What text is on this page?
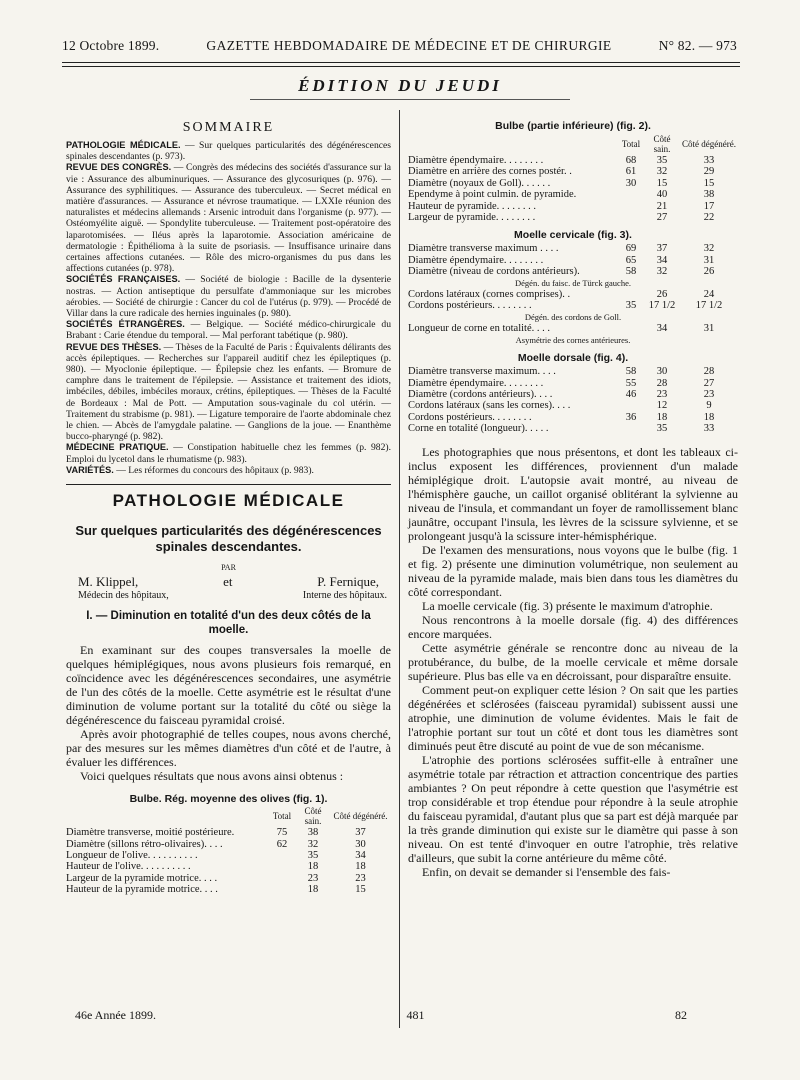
12 Octobre 1899.	GAZETTE HEBDOMADAIRE DE MÉDECINE ET DE CHIRURGIE	N° 82. — 973
ÉDITION DU JEUDI
SOMMAIRE

PATHOLOGIE MÉDICALE. — Sur quelques particularités des dégénérescences spinales descendantes (p. 973).

REVUE DES CONGRÈS. — Congrès des médecins des sociétés d'assurance sur la vie : Assurance des albuminuriques. — Assurance des glycosuriques (p. 976). — Assurance des syphilitiques. — Assurance des tuberculeux. — Secret médical en matière d'assurances. — Assurance et névrose traumatique. — LXXIe réunion des naturalistes et médecins allemands : Arsenic introduit dans l'organisme (p. 977). — Ostéomyélite aiguë. — Spondylite tuberculeuse. — Traitement post-opératoire des laparotomisées. — Iléus après la laparotomie. Association américaine de dermatologie : Épithélioma à la suite de psoriasis. — Insuffisance urinaire dans certaines affections cutanées. — Rôle des micro-organismes du pus dans les affections cutanées (p. 978).

SOCIÉTÉS FRANÇAISES. — Société de biologie : Bacille de la dysenterie nostras. — Action antiseptique du persulfate d'ammoniaque sur les microbes aérobies. — Société de chirurgie : Cancer du col de l'utérus (p. 979). — Procédé de Villar dans la cure radicale des hernies inguinales (p. 980).

SOCIÉTÉS ÉTRANGÈRES. — Belgique. — Société médico-chirurgicale du Brabant : Carie étendue du temporal. — Mal perforant tabétique (p. 980).

REVUE DES THÈSES. — Thèses de la Faculté de Paris : Équivalents délirants des accès épileptiques. — Recherches sur l'appareil auditif chez les épileptiques (p. 980). — Myoclonie épileptique. — Épilepsie chez les enfants. — Bromure de camphre dans le traitement de l'épilepsie. — Assistance et traitement des idiots, imbéciles, débiles, imbéciles moraux, crétins, épileptiques. — Thèses de la Faculté de Bordeaux : Mal de Pott. — Amputation sous-vaginale du col utérin. — Traitement du strabisme (p. 981). — Ligature temporaire de l'aorte abdominale chez le chien. — Abcès de l'amygdale palatine. — Ganglions de la joue. — Enanthème bucco-pharyngé (p. 982).

MÉDECINE PRATIQUE. — Constipation habituelle chez les femmes (p. 982). Emploi du lycetol dans le rhumatisme (p. 983).

VARIÉTÉS. — Les réformes du concours des hôpitaux (p. 983).

PATHOLOGIE MÉDICALE
Sur quelques particularités des dégénérescences spinales descendantes.
PAR
M. Klippel,	et	P. Fernique,
Médecin des hôpitaux,	Interne des hôpitaux.
I. — Diminution en totalité d'un des deux côtés de la moelle.

En examinant sur des coupes transversales la moelle de quelques hémiplégiques, nous avons plusieurs fois remarqué, en coïncidence avec les dégénérescences secondaires, une asymétrie de l'un des côtés de la moelle. Cette asymétrie est le résultat d'une diminution de volume portant sur la totalité du côté ou siège la dégénérescence du faisceau pyramidal croisé.

Après avoir photographié de telles coupes, nous avons cherché, par des mesures sur les mêmes diamètres d'un côté et de l'autre, à évaluer les différences.

Voici quelques résultats que nous avons ainsi obtenus :

Bulbe. Rég. moyenne des olives (fig. 1).
	Total	Côté sain.	Côté dégénéré.
Diamètre transverse, moitié postérieure.	75	38	37
Diamètre (sillons rétro-olivaires). . . .	62	32	30
Longueur de l'olive. . . . . . . . . .		35	34
Hauteur de l'olive. . . . . . . . . .		18	18
Largeur de la pyramide motrice. . . .		23	23
Hauteur de la pyramide motrice. . . .		18	15
Bulbe (partie inférieure) (fig. 2).
	Total	Côté sain.	Côté dégénéré.
Diamètre épendymaire. . . . . . . .	68	35	33
Diamètre en arrière des cornes postér. .	61	32	29
Diamètre (noyaux de Goll). . . . . .	30	15	15
Épendyme à point culmin. de pyramide.		40	38
Hauteur de pyramide. . . . . . . .		21	17
Largeur de pyramide. . . . . . . .		27	22
Moelle cervicale (fig. 3).
Diamètre transverse maximum . . . .	69	37	32
Diamètre épendymaire. . . . . . . .	65	34	31
Diamètre (niveau de cordons antérieurs).	58	32	26
Dégén. du faisc. de Türck gauche.			
Cordons latéraux (cornes comprises). .		26	24
Cordons postérieurs. . . . . . . .	35	17 1/2	17 1/2
Dégén. des cordons de Goll.			
Longueur de corne en totalité. . . .		34	31
Asymétrie des cornes antérieures.			
Moelle dorsale (fig. 4).
Diamètre transverse maximum. . . .	58	30	28
Diamètre épendymaire. . . . . . . .	55	28	27
Diamètre (cordons antérieurs). . . .	46	23	23
Cordons latéraux (sans les cornes). . . .		12	9
Cordons postérieurs. . . . . . . .	36	18	18
Corne en totalité (longueur). . . . .		35	33

Les photographies que nous présentons, et dont les tableaux ci-inclus exposent les différences, proviennent d'un malade hémiplégique droit. L'autopsie avait montré, au niveau de l'hémisphère gauche, un caillot organisé oblitérant la sylvienne au niveau de l'insula, et commandant un foyer de ramollissement blanc jaunâtre, occupant l'insula, les lèvres de la scissure sylvienne, et se prolongeant jusqu'à la scissure inter-hémisphérique.

De l'examen des mensurations, nous voyons que le bulbe (fig. 1 et fig. 2) présente une diminution volumétrique, non seulement au niveau de la pyramide malade, mais bien dans tous les diamètres du côté correspondant.

La moelle cervicale (fig. 3) présente le maximum d'atrophie.

Nous rencontrons à la moelle dorsale (fig. 4) des différences encore marquées.

Cette asymétrie générale se rencontre donc au niveau de la protubérance, du bulbe, de la moelle cervicale et même dorsale supérieure. Plus bas elle va en décroissant, pour disparaître ensuite.

Comment peut-on expliquer cette lésion ? On sait que les parties dégénérées et sclérosées (faisceau pyramidal) subissent aussi une atrophie, une diminution de volume évidentes. Mais le fait de l'atrophie portant sur tout un côté et dont tous les diamètres sont diminués peut être discuté au point de vue de son mécanisme.

L'atrophie des portions sclérosées suffit-elle à entraîner une asymétrie totale par rétraction et attraction concentrique des parties ambiantes ? On peut répondre à cette question que l'asymétrie est trop considérable et trop étendue pour répondre à la seule atrophie du faisceau pyramidal, d'autant plus que sa part est déjà marquée par la très grande diminution qui existe sur le diamètre qui passe à son niveau. On est tenté d'invoquer en outre l'atrophie, très relative d'ailleurs, que subit la corne antérieure du même côté.

Enfin, on devait se demander si l'ensemble des fais-

46e Année 1899.	481	82
